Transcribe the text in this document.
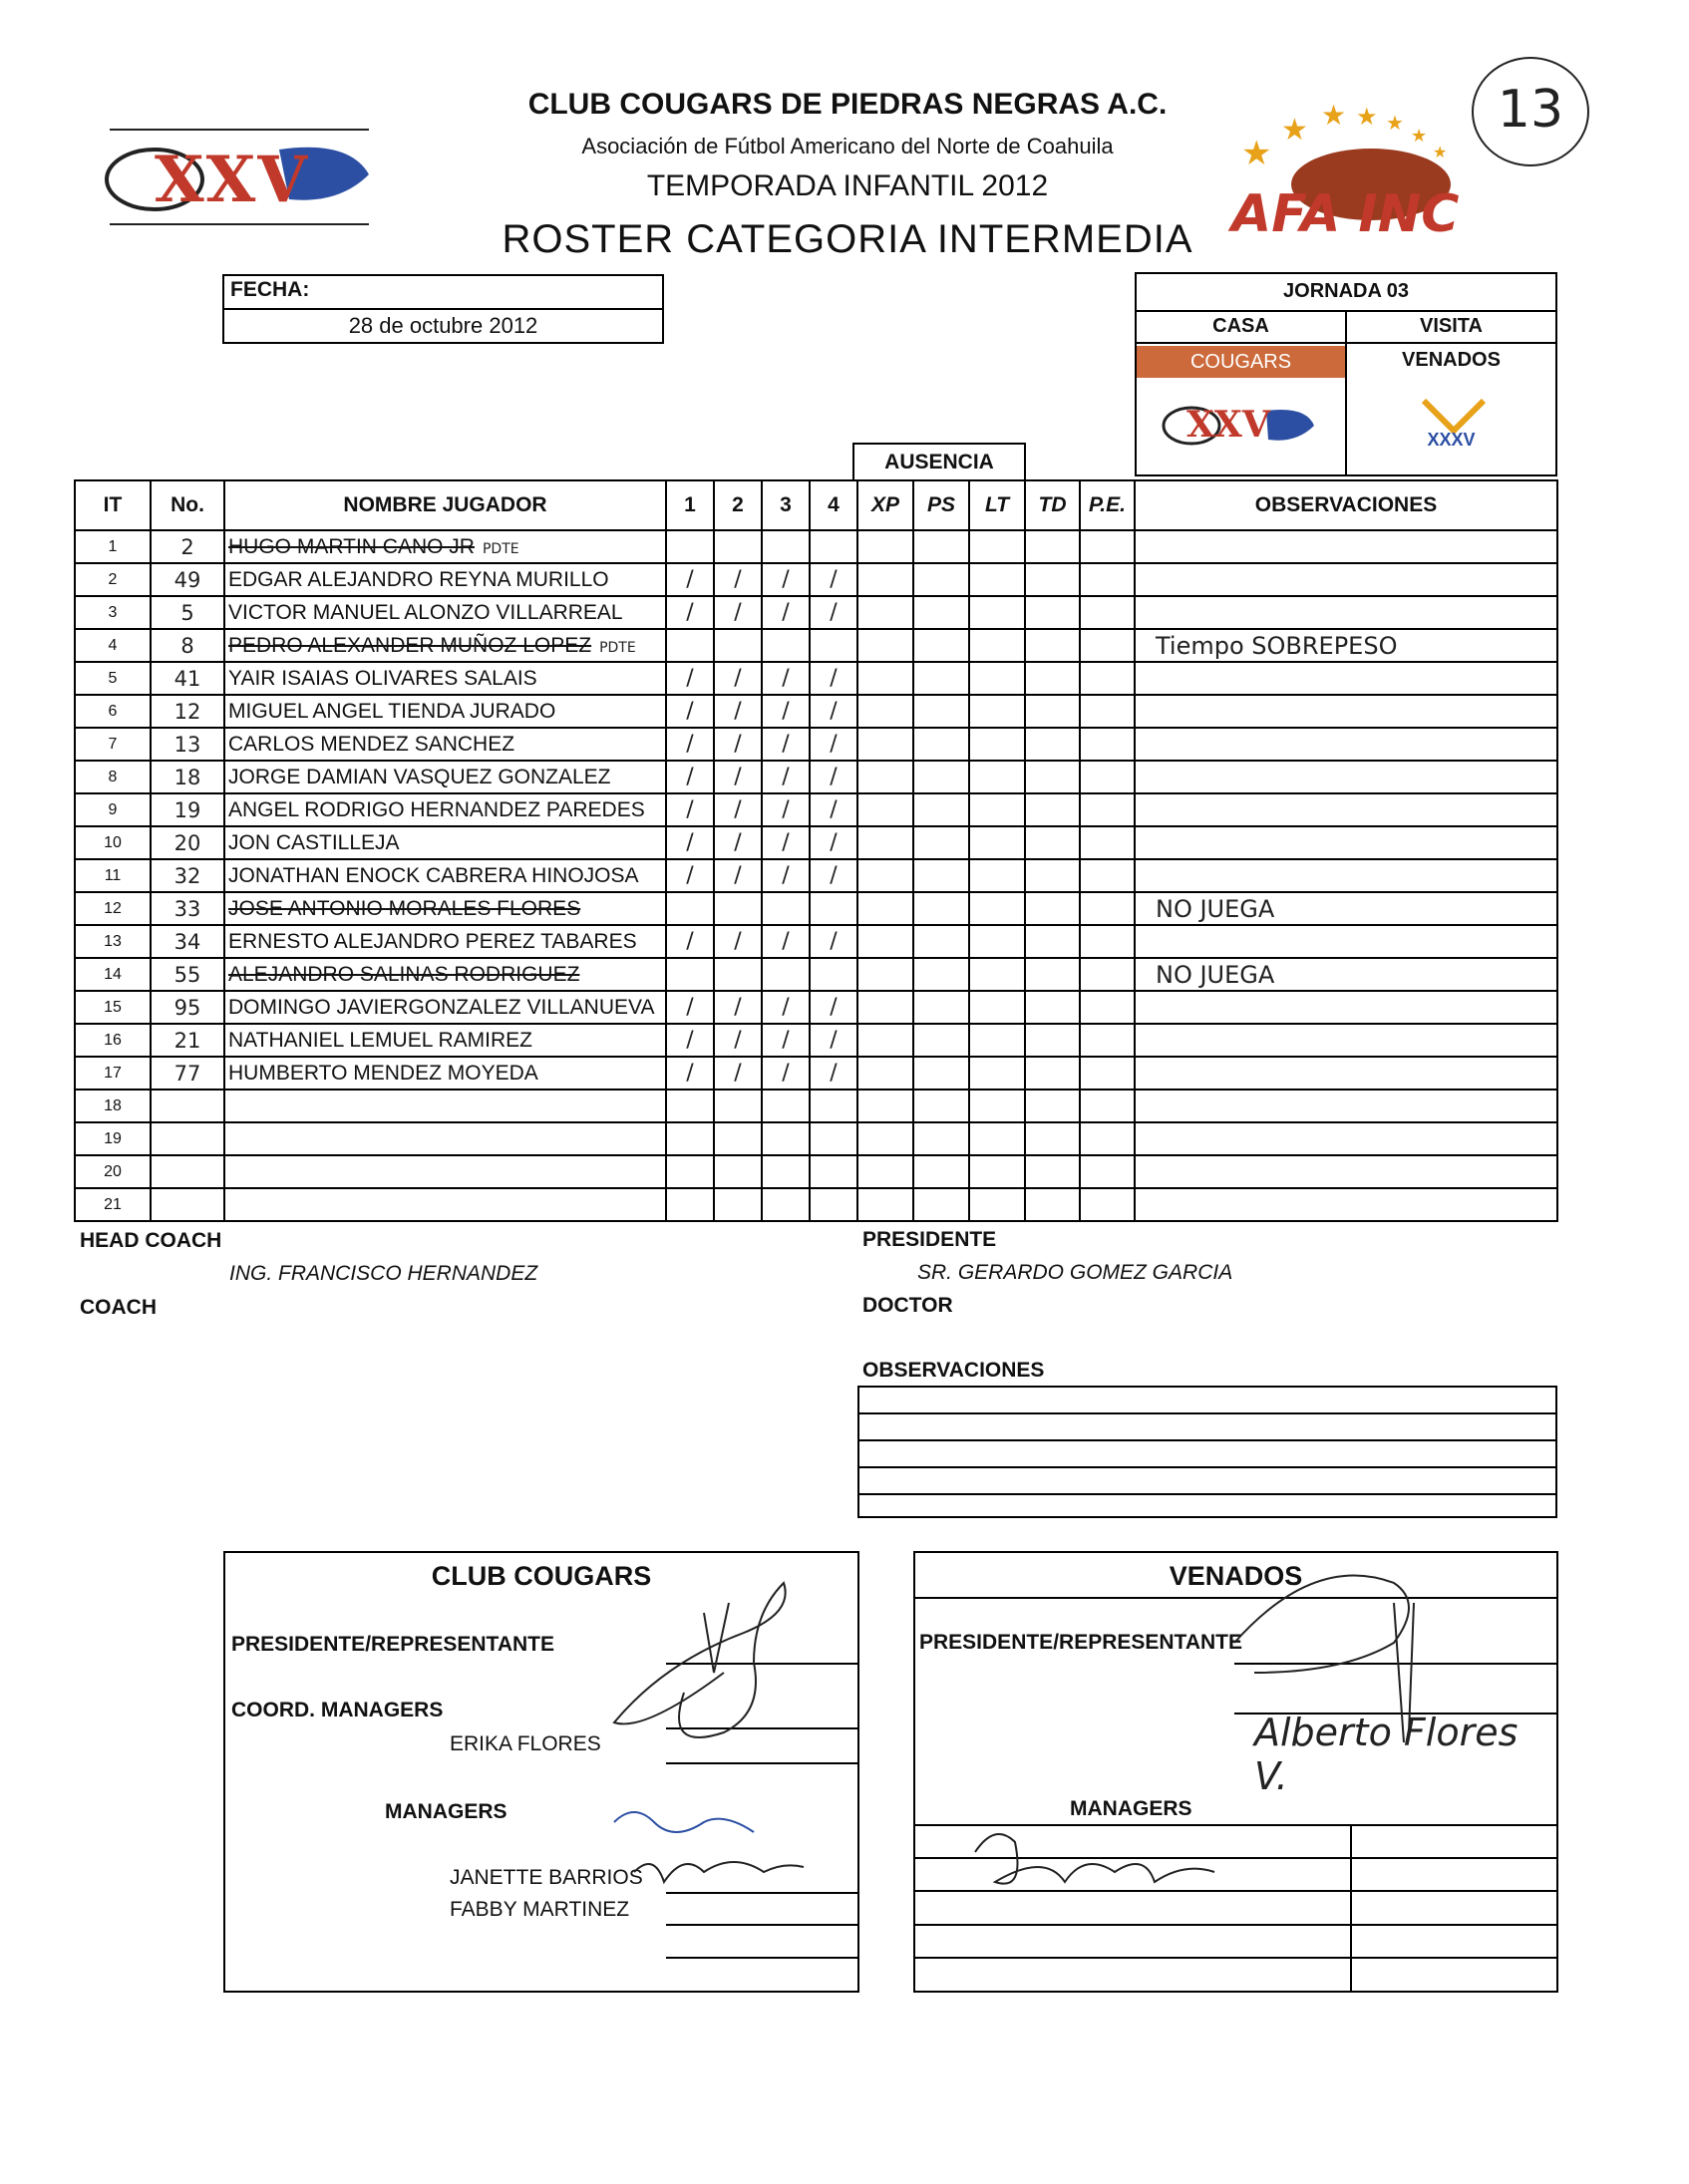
13
XXV	★
★ ★ ★ ★
★
★
AFA INC
CLUB COUGARS DE PIEDRAS NEGRAS A.C.
Asociación de Fútbol Americano del Norte de Coahuila
TEMPORADA INFANTIL 2012
ROSTER CATEGORIA INTERMEDIA
FECHA:
28 de octubre 2012
JORNADA 03
CASA
COUGARS
XXV
VISITA
VENADOS
XXXV
AUSENCIA
IT	No.	NOMBRE JUGADOR	1	2	3	4	XP	PS	LT	TD	P.E.	OBSERVACIONES
1	2	HUGO MARTIN CANO JR PDTE										
2	49	EDGAR ALEJANDRO REYNA MURILLO	/	/	/	/						
3	5	VICTOR MANUEL ALONZO VILLARREAL	/	/	/	/						
4	8	PEDRO ALEXANDER MUÑOZ LOPEZ PDTE										Tiempo SOBREPESO
5	41	YAIR ISAIAS OLIVARES SALAIS	/	/	/	/						
6	12	MIGUEL ANGEL TIENDA JURADO	/	/	/	/						
7	13	CARLOS MENDEZ SANCHEZ	/	/	/	/						
8	18	JORGE DAMIAN VASQUEZ GONZALEZ	/	/	/	/						
9	19	ANGEL RODRIGO HERNANDEZ PAREDES	/	/	/	/						
10	20	JON CASTILLEJA	/	/	/	/						
11	32	JONATHAN ENOCK CABRERA HINOJOSA	/	/	/	/						
12	33	JOSE ANTONIO MORALES FLORES										NO JUEGA
13	34	ERNESTO ALEJANDRO PEREZ TABARES	/	/	/	/						
14	55	ALEJANDRO SALINAS RODRIGUEZ										NO JUEGA
15	95	DOMINGO JAVIERGONZALEZ VILLANUEVA	/	/	/	/						
16	21	NATHANIEL LEMUEL RAMIREZ	/	/	/	/						
17	77	HUMBERTO MENDEZ MOYEDA	/	/	/	/						
18												
19												
20												
21												
HEAD COACH
ING. FRANCISCO HERNANDEZ
COACH
PRESIDENTE
SR. GERARDO GOMEZ GARCIA
DOCTOR
OBSERVACIONES
CLUB COUGARS
PRESIDENTE/REPRESENTANTE
COORD. MANAGERS
ERIKA FLORES
MANAGERS
JANETTE BARRIOS
FABBY MARTINEZ
VENADOS
PRESIDENTE/REPRESENTANTE
Alberto Flores V.
MANAGERS
